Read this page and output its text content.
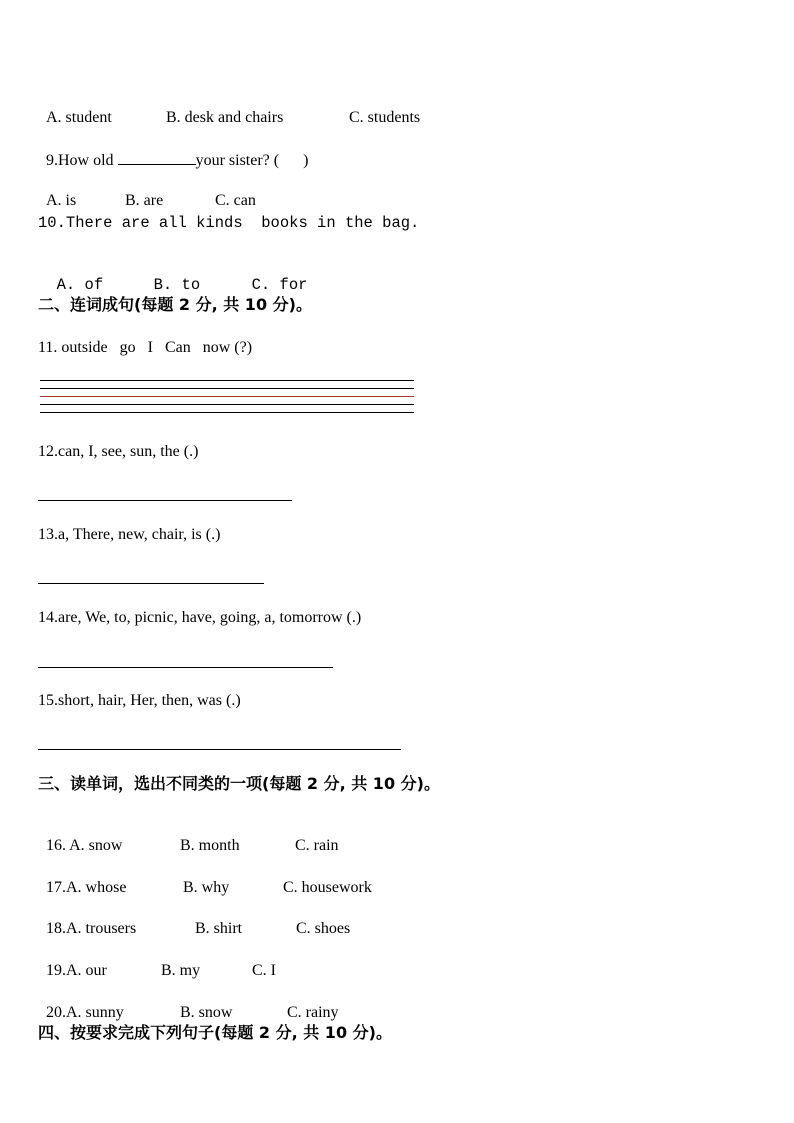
A. student	B. desk and chairs	C. students

9.How old	your sister? (      )

A. is	B. are	C. can

10.There are all kinds  books in the bag.

A. of	B. to	C. for

二、连词成句(每题 2 分, 共 10 分)。
11. outside   go   I   Can   now (?)
12.can, I, see, sun, the (.)
13.a, There, new, chair, is (.)
14.are, We, to, picnic, have, going, a, tomorrow (.)
15.short, hair, Her, then, was (.)
三、读单词，选出不同类的一项(每题 2 分, 共 10 分)。

16. A. snow	B. month	C. rain

17.A. whose	B. why	C. housework

18.A. trousers	B. shirt	C. shoes

19.A. our	B. my	C. I

20.A. sunny	B. snow	C. rainy

四、按要求完成下列句子(每题 2 分, 共 10 分)。
